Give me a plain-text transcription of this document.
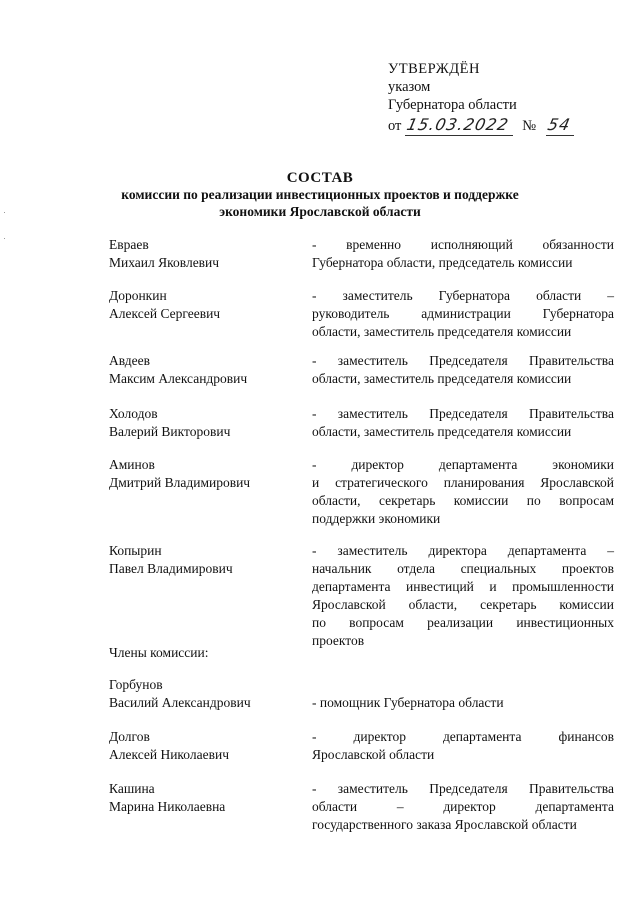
УТВЕРЖДЁН
указом
Губернатора области
от 15.03.2022 № 54
СОСТАВ
комиссии по реализации инвестиционных проектов и поддержке
экономики Ярославской области
Евраев
Михаил Яковлевич
- временно исполняющий обязанности
Губернатора области, председатель комиссии
Доронкин
Алексей Сергеевич
- заместитель Губернатора области –
руководитель администрации Губернатора
области, заместитель председателя комиссии
Авдеев
Максим Александрович
- заместитель Председателя Правительства
области, заместитель председателя комиссии
Холодов
Валерий Викторович
- заместитель Председателя Правительства
области, заместитель председателя комиссии
Аминов
Дмитрий Владимирович
- директор департамента экономики
и стратегического планирования Ярославской
области, секретарь комиссии по вопросам
поддержки экономики
Копырин
Павел Владимирович
- заместитель директора департамента –
начальник отдела специальных проектов
департамента инвестиций и промышленности
Ярославской области, секретарь комиссии
по вопросам реализации инвестиционных
проектов
Члены комиссии:
Горбунов
Василий Александрович	- помощник Губернатора области
Долгов
Алексей Николаевич
- директор департамента финансов
Ярославской области
Кашина
Марина Николаевна
- заместитель Председателя Правительства
области – директор департамента
государственного заказа Ярославской области
